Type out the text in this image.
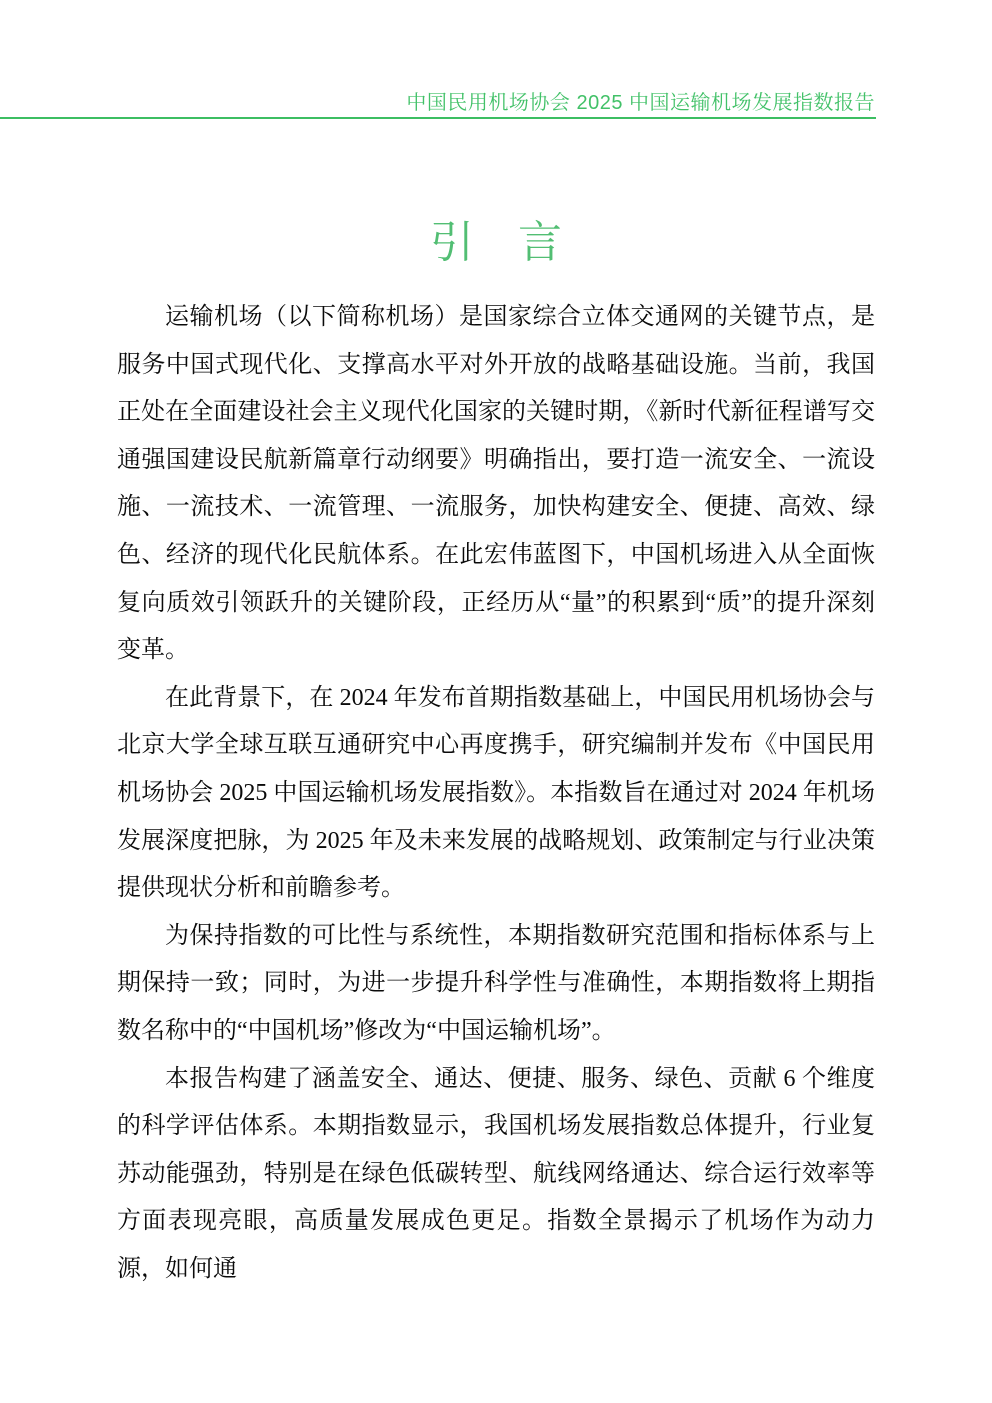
中国民用机场协会 2025 中国运输机场发展指数报告
引　言

运输机场（以下简称机场）是国家综合立体交通网的关键节点，是服务中国式现代化、支撑高水平对外开放的战略基础设施。当前，我国正处在全面建设社会主义现代化国家的关键时期，《新时代新征程谱写交通强国建设民航新篇章行动纲要》明确指出，要打造一流安全、一流设施、一流技术、一流管理、一流服务，加快构建安全、便捷、高效、绿色、经济的现代化民航体系。在此宏伟蓝图下，中国机场进入从全面恢复向质效引领跃升的关键阶段，正经历从“量”的积累到“质”的提升深刻变革。

在此背景下，在 2024 年发布首期指数基础上，中国民用机场协会与北京大学全球互联互通研究中心再度携手，研究编制并发布《中国民用机场协会 2025 中国运输机场发展指数》。本指数旨在通过对 2024 年机场发展深度把脉，为 2025 年及未来发展的战略规划、政策制定与行业决策提供现状分析和前瞻参考。

为保持指数的可比性与系统性，本期指数研究范围和指标体系与上期保持一致；同时，为进一步提升科学性与准确性，本期指数将上期指数名称中的“中国机场”修改为“中国运输机场”。

本报告构建了涵盖安全、通达、便捷、服务、绿色、贡献 6 个维度的科学评估体系。本期指数显示，我国机场发展指数总体提升，行业复苏动能强劲，特别是在绿色低碳转型、航线网络通达、综合运行效率等方面表现亮眼，高质量发展成色更足。指数全景揭示了机场作为动力源，如何通
